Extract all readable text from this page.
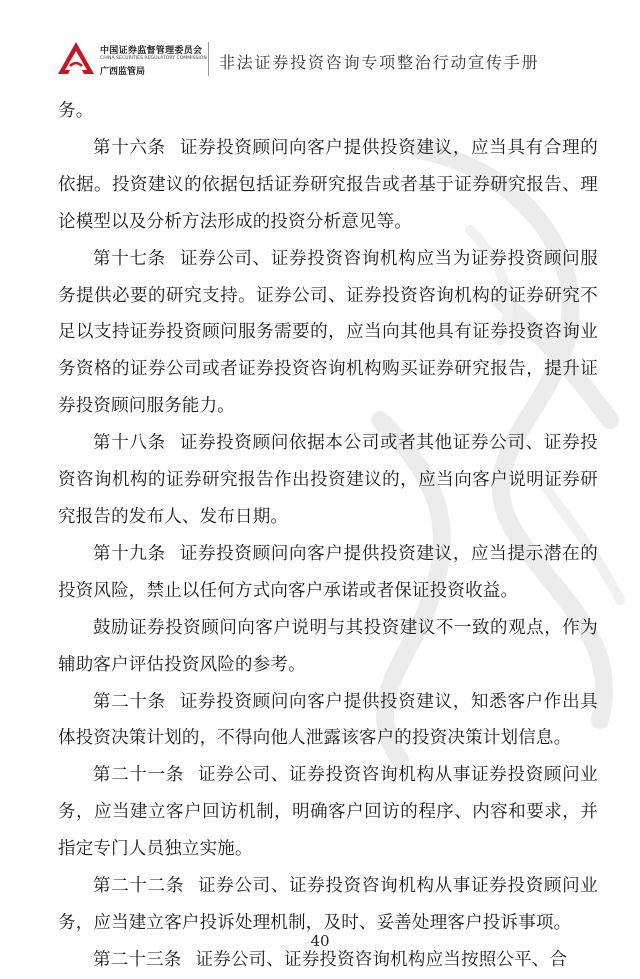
中国证券监督管理委员会
CHINA SECURITIES REGULATORY COMMISSION
广西监管局	非法证券投资咨询专项整治行动宣传手册

务。

第十六条 证券投资顾问向客户提供投资建议，应当具有合理的依据。投资建议的依据包括证券研究报告或者基于证券研究报告、理论模型以及分析方法形成的投资分析意见等。

第十七条 证券公司、证券投资咨询机构应当为证券投资顾问服务提供必要的研究支持。证券公司、证券投资咨询机构的证券研究不足以支持证券投资顾问服务需要的，应当向其他具有证券投资咨询业务资格的证券公司或者证券投资咨询机构购买证券研究报告，提升证券投资顾问服务能力。

第十八条 证券投资顾问依据本公司或者其他证券公司、证券投资咨询机构的证券研究报告作出投资建议的，应当向客户说明证券研究报告的发布人、发布日期。

第十九条 证券投资顾问向客户提供投资建议，应当提示潜在的投资风险，禁止以任何方式向客户承诺或者保证投资收益。

鼓励证券投资顾问向客户说明与其投资建议不一致的观点，作为辅助客户评估投资风险的参考。

第二十条 证券投资顾问向客户提供投资建议，知悉客户作出具体投资决策计划的，不得向他人泄露该客户的投资决策计划信息。

第二十一条 证券公司、证券投资咨询机构从事证券投资顾问业务，应当建立客户回访机制，明确客户回访的程序、内容和要求，并指定专门人员独立实施。

第二十二条 证券公司、证券投资咨询机构从事证券投资顾问业务，应当建立客户投诉处理机制，及时、妥善处理客户投诉事项。

第二十三条 证券公司、证券投资咨询机构应当按照公平、合

40
